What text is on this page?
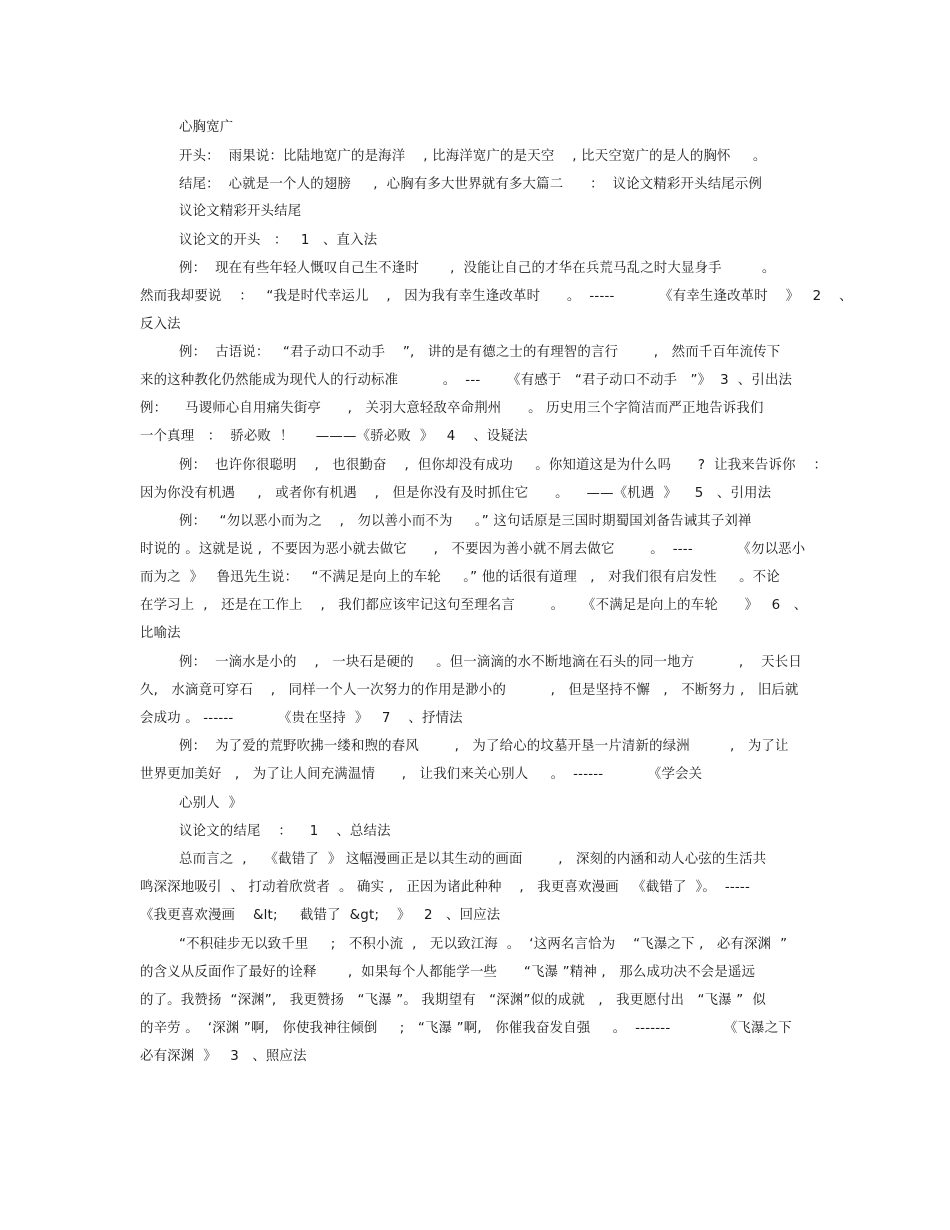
心胸宽广
开头：  雨果说：比陆地宽广的是海洋    , 比海洋宽广的是天空    , 比天空宽广的是人的胸怀     。
结尾：  心就是一个人的翅膀     ,  心胸有多大世界就有多大篇二      ：  议论文精彩开头结尾示例
议论文精彩开头结尾
议论文的开头   ：   1   、直入法
例：  现在有些年轻人慨叹自己生不逢时       ,  没能让自己的才华在兵荒马乱之时大显身手         。
然而我却要说    ：   “我是时代幸运儿    ,   因为我有幸生逢改革时      。  -----          《有幸生逢改革时    》   2    、
反入法
例：  古语说：   “君子动口不动手    ”,   讲的是有德之士的有理智的言行        ,   然而千百年流传下
来的这种教化仍然能成为现代人的行动标准          。  ---      《有感于   “君子动口不动手   ”》  3  、引出法
例：    马谡师心自用痛失街亭      ,   关羽大意轻敌卒命荆州      。 历史用三个字简洁而严正地告诉我们
一个真理   ：  骄必败  ！     ———《骄必败  》   4    、设疑法
例：  也许你很聪明    ,   也很勤奋    ,  但你却没有成功     。你知道这是为什么吗      ?  让我来告诉你    ：
因为你没有机遇     ,   或者你有机遇    ,   但是你没有及时抓住它      。    ——《机遇  》    5   、引用法
例：   “勿以恶小而为之    ,   勿以善小而不为     。” 这句话原是三国时期蜀国刘备告诫其子刘禅
时说的 。这就是说 ,  不要因为恶小就去做它      ,   不要因为善小就不屑去做它        。  ----          《勿以恶小
而为之  》   鲁迅先生说：   “不满足是向上的车轮     。” 他的话很有道理   ,   对我们很有启发性     。不论
在学习上  ,   还是在工作上    ,   我们都应该牢记这句至理名言        。    《不满足是向上的车轮      》   6   、
比喻法
例：  一滴水是小的    ,   一块石是硬的     。但一滴滴的水不断地滴在石头的同一地方          ,    天长日
久,   水滴竟可穿石    ,   同样一个人一次努力的作用是渺小的          ,   但是坚持不懈   ,   不断努力 ,   旧后就
会成功 。 ------          《贵在坚持  》   7    、抒情法
例：  为了爱的荒野吹拂一缕和煦的春风        ,   为了给心的坟墓开垦一片清新的绿洲         ,   为了让
世界更加美好   ,   为了让人间充满温情      ,   让我们来关心别人     。  ------          《学会关
心别人  》
议论文的结尾    ：    1    、总结法
总而言之  ,    《截错了  》 这幅漫画正是以其生动的画面        ,   深刻的内涵和动人心弦的生活共
鸣深深地吸引  、 打动着欣赏者  。 确实 ,   正因为诸此种种    ,   我更喜欢漫画   《截错了  》。  -----
《我更喜欢漫画    &lt;     截错了  &gt;    》   2   、回应法
“不积硅步无以致千里     ;   不积小流  ,   无以致江海  。  ‘这两名言恰为    “飞瀑之下 ,   必有深渊  ”
的含义从反面作了最好的诠释       ,  如果每个人都能学一些      “飞瀑 ”精神 ,   那么成功决不会是遥远
的了。我赞扬  “深渊”,   我更赞扬   “飞瀑 ”。 我期望有   “深渊”似的成就   ,   我更愿付出   “飞瀑 ”  似
的辛劳 。  ‘深渊 ”啊,   你使我神往倾倒     ;   “飞瀑 ”啊,   你催我奋发自强     。  -------            《飞瀑之下
必有深渊  》   3   、照应法
